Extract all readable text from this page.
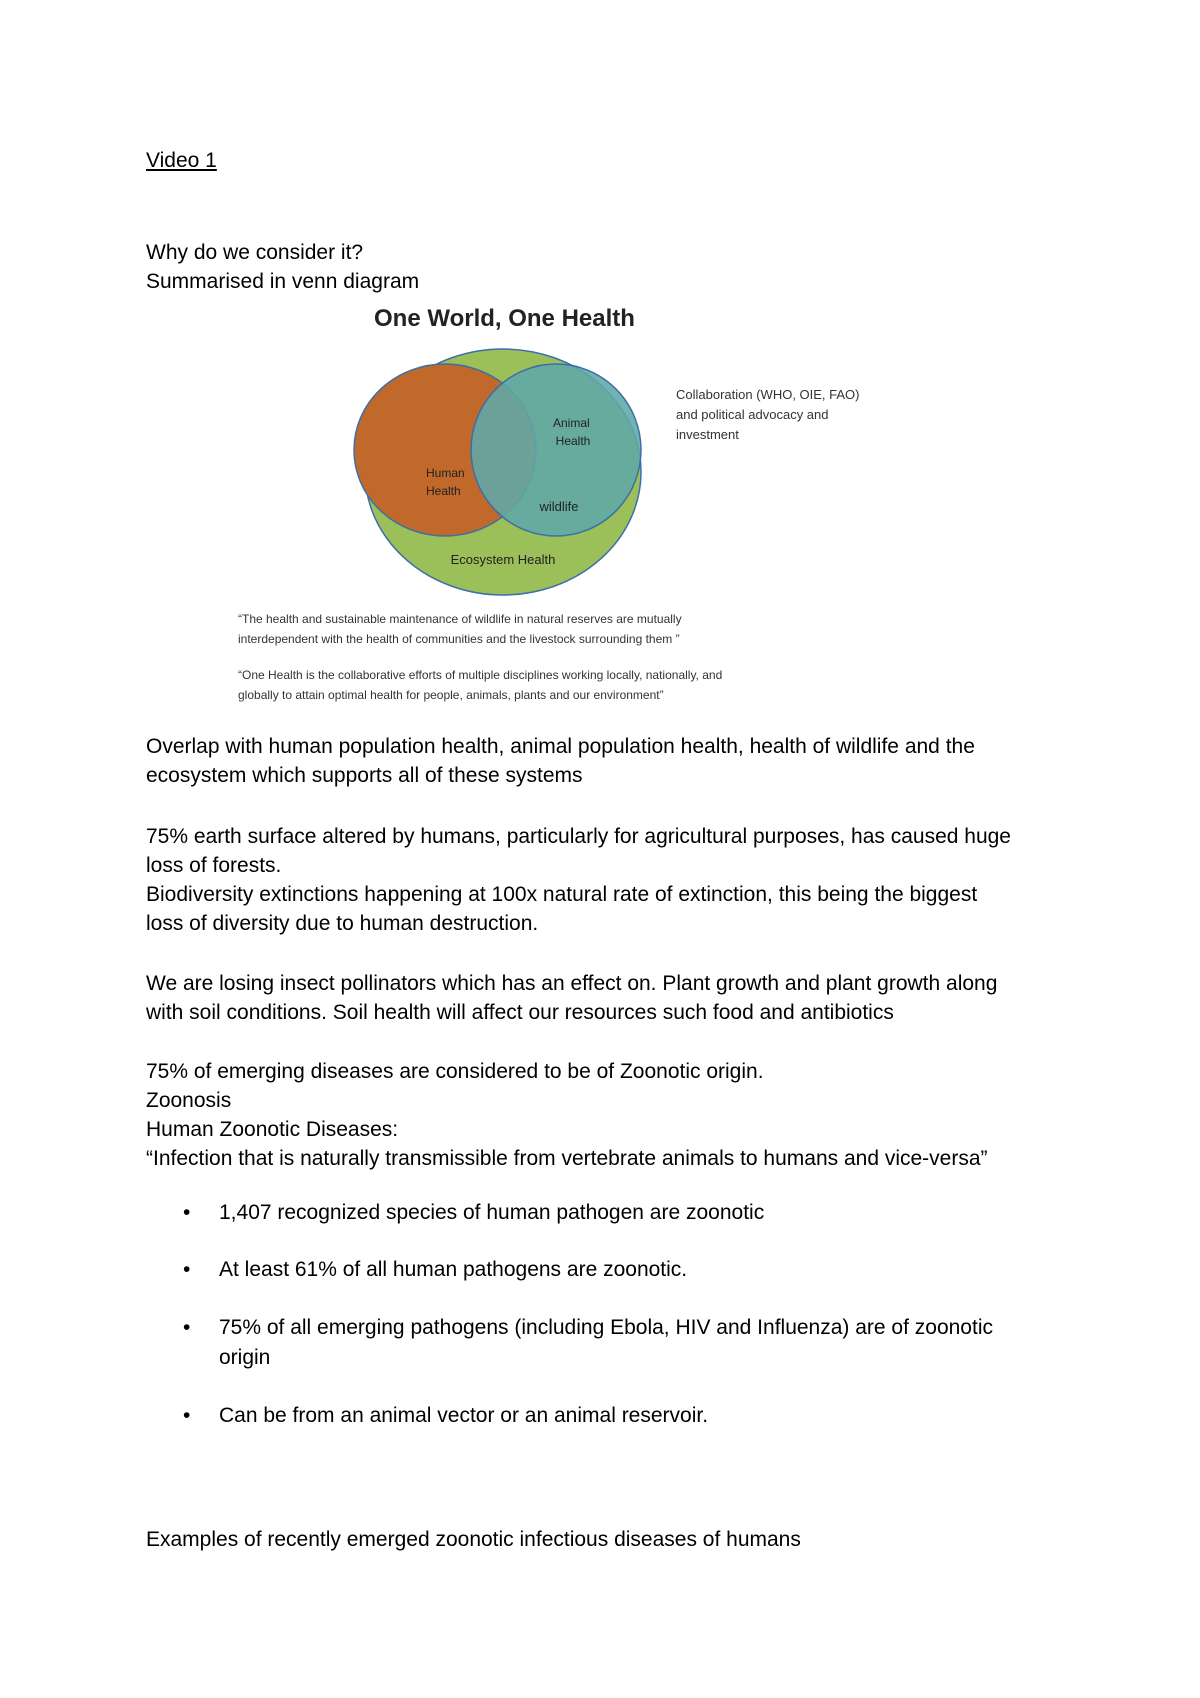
Video 1

Why do we consider it?

Summarised in venn diagram

One World, One Health
Animal Health
Human Health
wildlife
Ecosystem Health
Collaboration (WHO, OIE, FAO) and political advocacy and investment
“The health and sustainable maintenance of wildlife in natural reserves are mutually interdependent with the health of communities and the livestock surrounding them ”
“One Health is the collaborative efforts of multiple disciplines working locally, nationally, and globally to attain optimal health for people, animals, plants and our environment”

Overlap with human population health, animal population health, health of wildlife and the

ecosystem which supports all of these systems

75% earth surface altered by humans, particularly for agricultural purposes, has caused huge

loss of forests.

Biodiversity extinctions happening at 100x natural rate of extinction, this being the biggest

loss of diversity due to human destruction.

We are losing insect pollinators which has an effect on. Plant growth and plant growth along

with soil conditions. Soil health will affect our resources such food and antibiotics

75% of emerging diseases are considered to be of Zoonotic origin.

Zoonosis

Human Zoonotic Diseases:

“Infection that is naturally transmissible from vertebrate animals to humans and vice-versa”

• 1,407 recognized species of human pathogen are zoonotic
• At least 61% of all human pathogens are zoonotic.
• 75% of all emerging pathogens (including Ebola, HIV and Influenza) are of zoonotic origin
• Can be from an animal vector or an animal reservoir.

Examples of recently emerged zoonotic infectious diseases of humans
